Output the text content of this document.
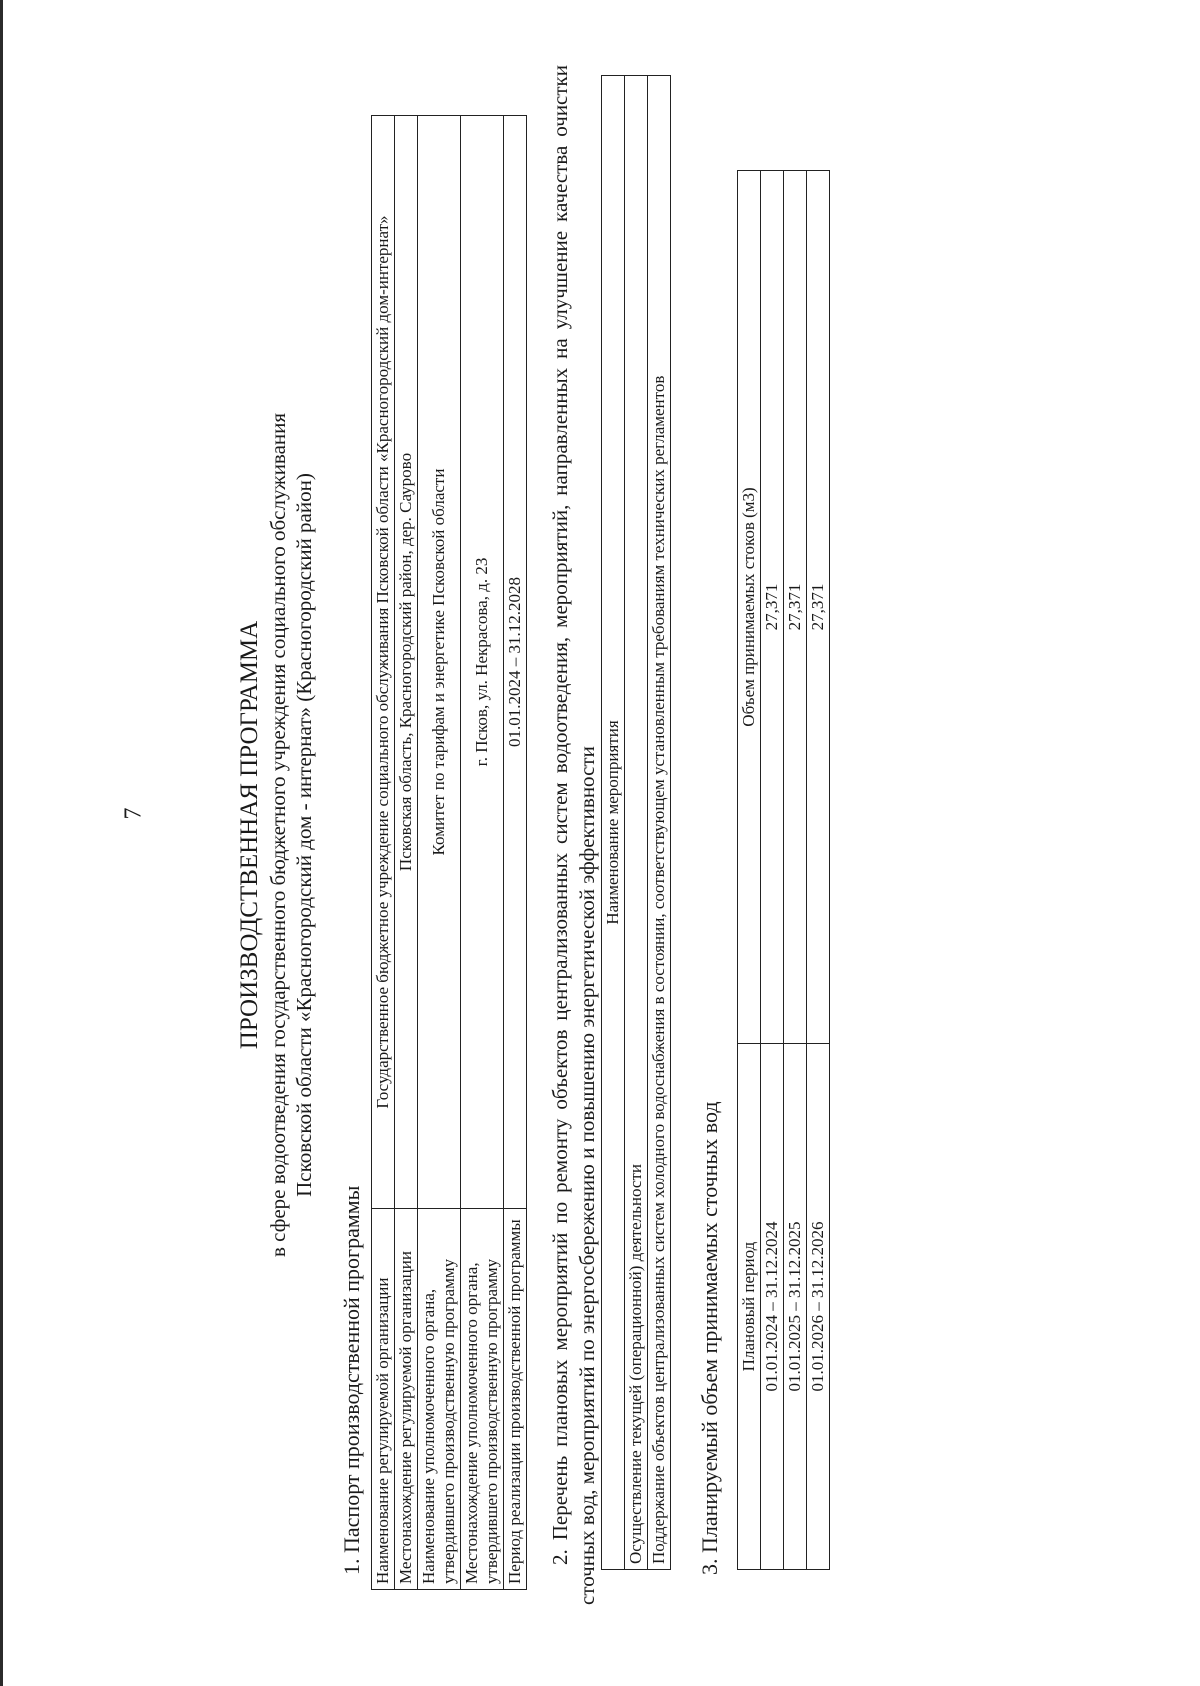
7	ПРОИЗВОДСТВЕННАЯ ПРОГРАММА в сфере водоотведения государственного бюджетного учреждения социального обслуживания Псковской области «Красногородский дом - интернат» (Красногородский район)
1. Паспорт производственной программы Наименование регулируемой организации	Государственное бюджетное учреждение социального обслуживания Псковской области «Красногородский дом-интернат»
Местонахождение регулируемой организации	Псковская область, Красногородский район, дер. Саурово
Наименование уполномоченного органа, утвердившего производственную программу	Комитет по тарифам и энергетике Псковской области
Местонахождение уполномоченного органа, утвердившего производственную программу	г. Псков, ул. Некрасова, д. 23
Период реализации производственной программы	01.01.2024 – 31.12.2028 2. Перечень плановых мероприятий по ремонту объектов централизованных систем водоотведения, мероприятий, направленных на улучшение качества очистки сточных вод, мероприятий по энергосбережению и повышению энергетической эффективности Наименование мероприятия
Осуществление текущей (операционной) деятельности
Поддержание объектов централизованных систем холодного водоснабжения в состоянии, соответствующем установленным требованиям технических регламентов 3. Планируемый объем принимаемых сточных вод Плановый период	Объем принимаемых стоков (м3)
01.01.2024 – 31.12.2024	27,371
01.01.2025 – 31.12.2025	27,371
01.01.2026 – 31.12.2026	27,371
